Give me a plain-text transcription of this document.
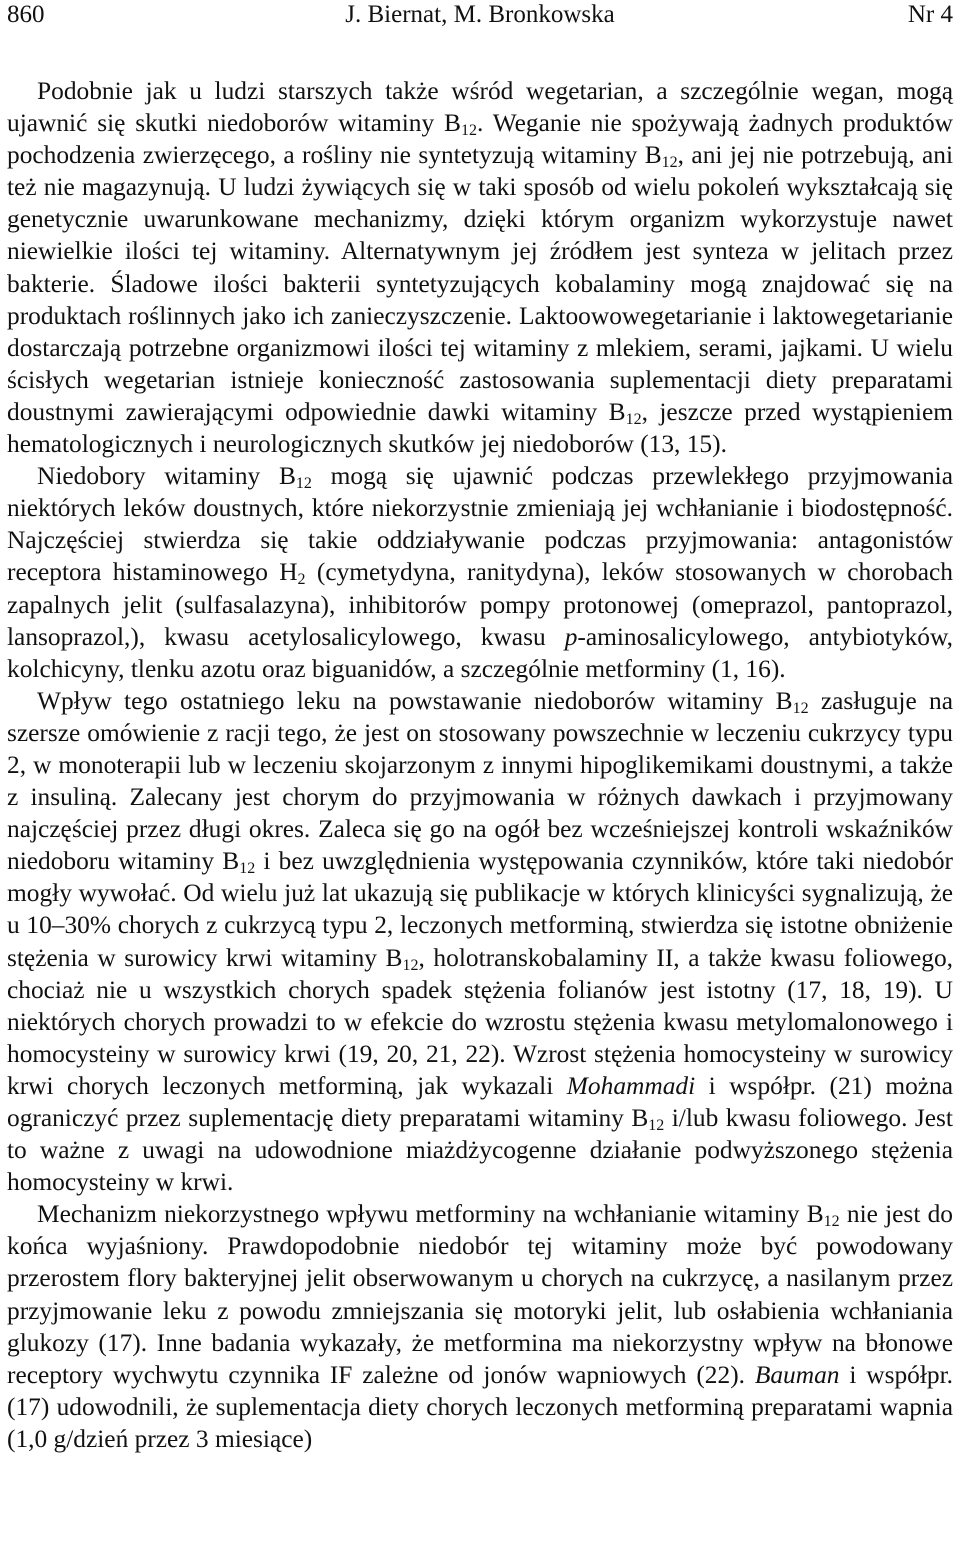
860	J. Biernat, M. Bronkowska	Nr 4

Podobnie jak u ludzi starszych także wśród wegetarian, a szczególnie wegan, mogą ujawnić się skutki niedoborów witaminy $B_{12}$. Weganie nie spożywają żadnych produktów pochodzenia zwierzęcego, a rośliny nie syntetyzują witaminy $B_{12}$, ani jej nie potrzebują, ani też nie magazynują. U ludzi żywiących się w taki sposób od wielu pokoleń wykształcają się genetycznie uwarunkowane mechanizmy, dzięki którym organizm wykorzystuje nawet niewielkie ilości tej witaminy. Alternatywnym jej źródłem jest synteza w jelitach przez bakterie. Śladowe ilości bakterii syntetyzujących kobalaminy mogą znajdować się na produktach roślinnych jako ich zanieczyszczenie. Laktoowowegetarianie i laktowegetarianie dostarczają potrzebne organizmowi ilości tej witaminy z mlekiem, serami, jajkami. U wielu ścisłych wegetarian istnieje konieczność zastosowania suplementacji diety preparatami doustnymi zawierającymi odpowiednie dawki witaminy $B_{12}$, jeszcze przed wystąpieniem hematologicznych i neurologicznych skutków jej niedoborów (13, 15).

Niedobory witaminy $B_{12}$ mogą się ujawnić podczas przewlekłego przyjmowania niektórych leków doustnych, które niekorzystnie zmieniają jej wchłanianie i biodostępność. Najczęściej stwierdza się takie oddziaływanie podczas przyjmowania: antagonistów receptora histaminowego $H_2$ (cymetydyna, ranitydyna), leków stosowanych w chorobach zapalnych jelit (sulfasalazyna), inhibitorów pompy protonowej (omeprazol, pantoprazol, lansoprazol,), kwasu acetylosalicylowego, kwasu p-aminosalicylowego, antybiotyków, kolchicyny, tlenku azotu oraz biguanidów, a szczególnie metforminy (1, 16).

Wpływ tego ostatniego leku na powstawanie niedoborów witaminy $B_{12}$ zasługuje na szersze omówienie z racji tego, że jest on stosowany powszechnie w leczeniu cukrzycy typu 2, w monoterapii lub w leczeniu skojarzonym z innymi hipoglikemikami doustnymi, a także z insuliną. Zalecany jest chorym do przyjmowania w różnych dawkach i przyjmowany najczęściej przez długi okres. Zaleca się go na ogół bez wcześniejszej kontroli wskaźników niedoboru witaminy $B_{12}$ i bez uwzględnienia występowania czynników, które taki niedobór mogły wywołać. Od wielu już lat ukazują się publikacje w których klinicyści sygnalizują, że u 10–30% chorych z cukrzycą typu 2, leczonych metforminą, stwierdza się istotne obniżenie stężenia w surowicy krwi witaminy $B_{12}$, holotranskobalaminy II, a także kwasu foliowego, chociaż nie u wszystkich chorych spadek stężenia folianów jest istotny (17, 18, 19). U niektórych chorych prowadzi to w efekcie do wzrostu stężenia kwasu metylomalonowego i homocysteiny w surowicy krwi (19, 20, 21, 22). Wzrost stężenia homocysteiny w surowicy krwi chorych leczonych metforminą, jak wykazali Mohammadi i współpr. (21) można ograniczyć przez suplementację diety preparatami witaminy $B_{12}$ i/lub kwasu foliowego. Jest to ważne z uwagi na udowodnione miażdżycogenne działanie podwyższonego stężenia homocysteiny w krwi.

Mechanizm niekorzystnego wpływu metforminy na wchłanianie witaminy $B_{12}$ nie jest do końca wyjaśniony. Prawdopodobnie niedobór tej witaminy może być powodowany przerostem flory bakteryjnej jelit obserwowanym u chorych na cukrzycę, a nasilanym przez przyjmowanie leku z powodu zmniejszania się motoryki jelit, lub osłabienia wchłaniania glukozy (17). Inne badania wykazały, że metformina ma niekorzystny wpływ na błonowe receptory wychwytu czynnika IF zależne od jonów wapniowych (22). Bauman i współpr. (17) udowodnili, że suplementacja diety chorych leczonych metforminą preparatami wapnia (1,0 g/dzień przez 3 miesiące)
